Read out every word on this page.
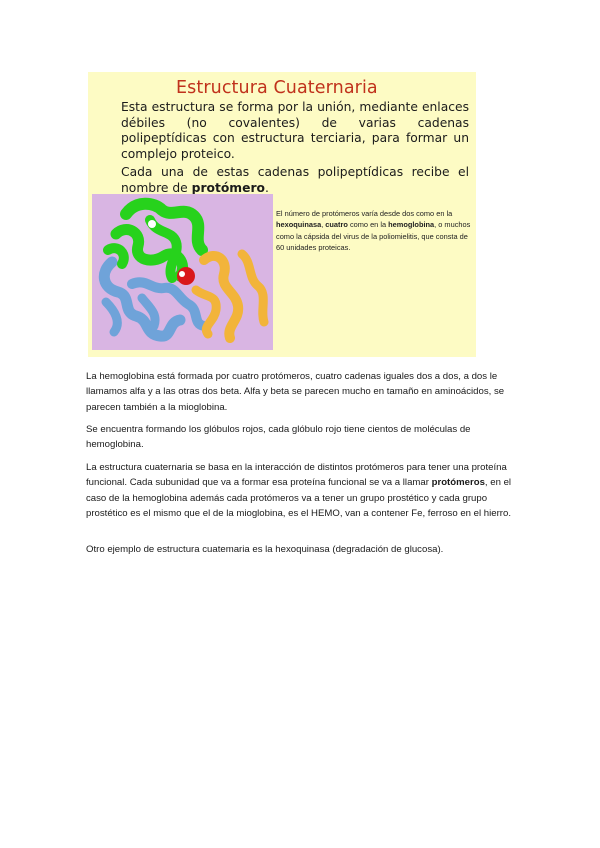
Estructura Cuaternaria
Esta estructura se forma por la unión, mediante enlaces débiles (no covalentes) de varias cadenas polipeptídicas con estructura terciaria, para formar un complejo proteico.
Cada una de estas cadenas polipeptídicas recibe el nombre de protómero.
El número de protómeros varía desde dos como en la hexoquinasa, cuatro como en la hemoglobina, o muchos como la cápsida del virus de la poliomielitis, que consta de 60 unidades proteicas.

La hemoglobina está formada por cuatro protómeros, cuatro cadenas iguales dos a dos, a dos le llamamos alfa y a las otras dos beta. Alfa y beta se parecen mucho en tamaño en aminoácidos, se parecen también a la mioglobina.

Se encuentra formando los glóbulos rojos, cada glóbulo rojo tiene cientos de moléculas de hemoglobina.

La estructura cuaternaria se basa en la interacción de distintos protómeros para tener una proteína funcional. Cada subunidad que va a formar esa proteína funcional se va a llamar protómeros, en el caso de la hemoglobina además cada protómeros va a tener un grupo prostético y cada grupo prostético es el mismo que el de la mioglobina, es el HEMO, van a contener Fe, ferroso en el hierro.

Otro ejemplo de estructura cuatemaria es la hexoquinasa (degradación de glucosa).
